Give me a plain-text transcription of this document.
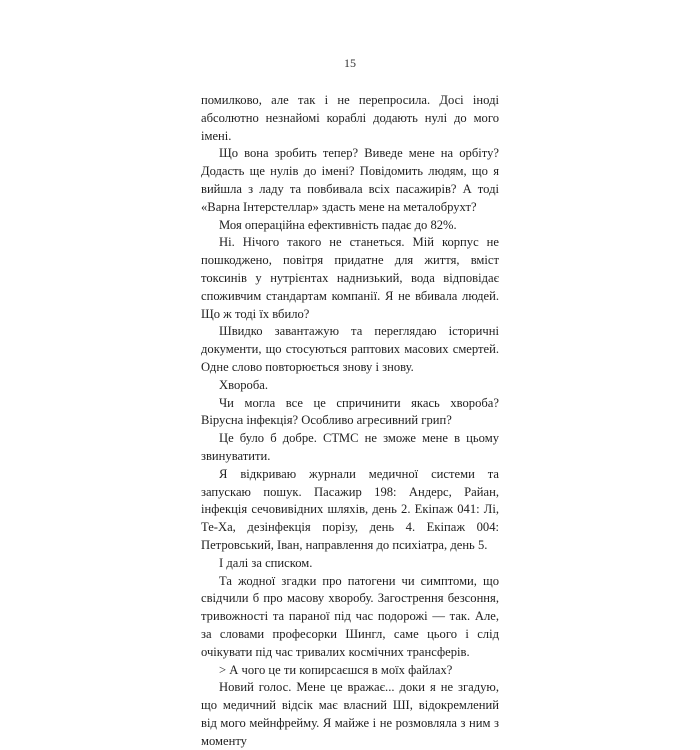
15

помилково, але так і не перепросила. Досі іноді абсолютно незнайомі кораблі додають нулі до мого імені.

Що вона зробить тепер? Виведе мене на орбіту? Додасть ще нулів до імені? Повідомить людям, що я вийшла з ладу та повбивала всіх пасажирів? А тоді «Варна Інтерстеллар» здасть мене на металобрухт?

Моя операційна ефективність падає до 82%.

Ні. Нічого такого не станеться. Мій корпус не пошкоджено, повітря придатне для життя, вміст токсинів у нутрієнтах наднизький, вода відповідає споживчим стандартам компанії. Я не вбивала людей. Що ж тоді їх вбило?

Швидко завантажую та переглядаю історичні документи, що стосуються раптових масових смертей. Одне слово повторюється знову і знову.

Хвороба.

Чи могла все це спричинити якась хвороба? Вірусна інфекція? Особливо агресивний грип?

Це було б добре. СТМС не зможе мене в цьому звинуватити.

Я відкриваю журнали медичної системи та запускаю пошук. Пасажир 198: Андерс, Райан, інфекція сечовивідних шляхів, день 2. Екіпаж 041: Лі, Те-Ха, дезінфекція порізу, день 4. Екіпаж 004: Петровський, Іван, направлення до психіатра, день 5.

І далі за списком.

Та жодної згадки про патогени чи симптоми, що свідчили б про масову хворобу. Загострення безсоння, тривожності та параної під час подорожі — так. Але, за словами професорки Шингл, саме цього і слід очікувати під час тривалих космічних трансферів.

> А чого це ти копирсаєшся в моїх файлах?

Новий голос. Мене це вражає... доки я не згадую, що медичний відсік має власний ШІ, відокремлений від мого мейнфрейму. Я майже і не розмовляла з ним з моменту
